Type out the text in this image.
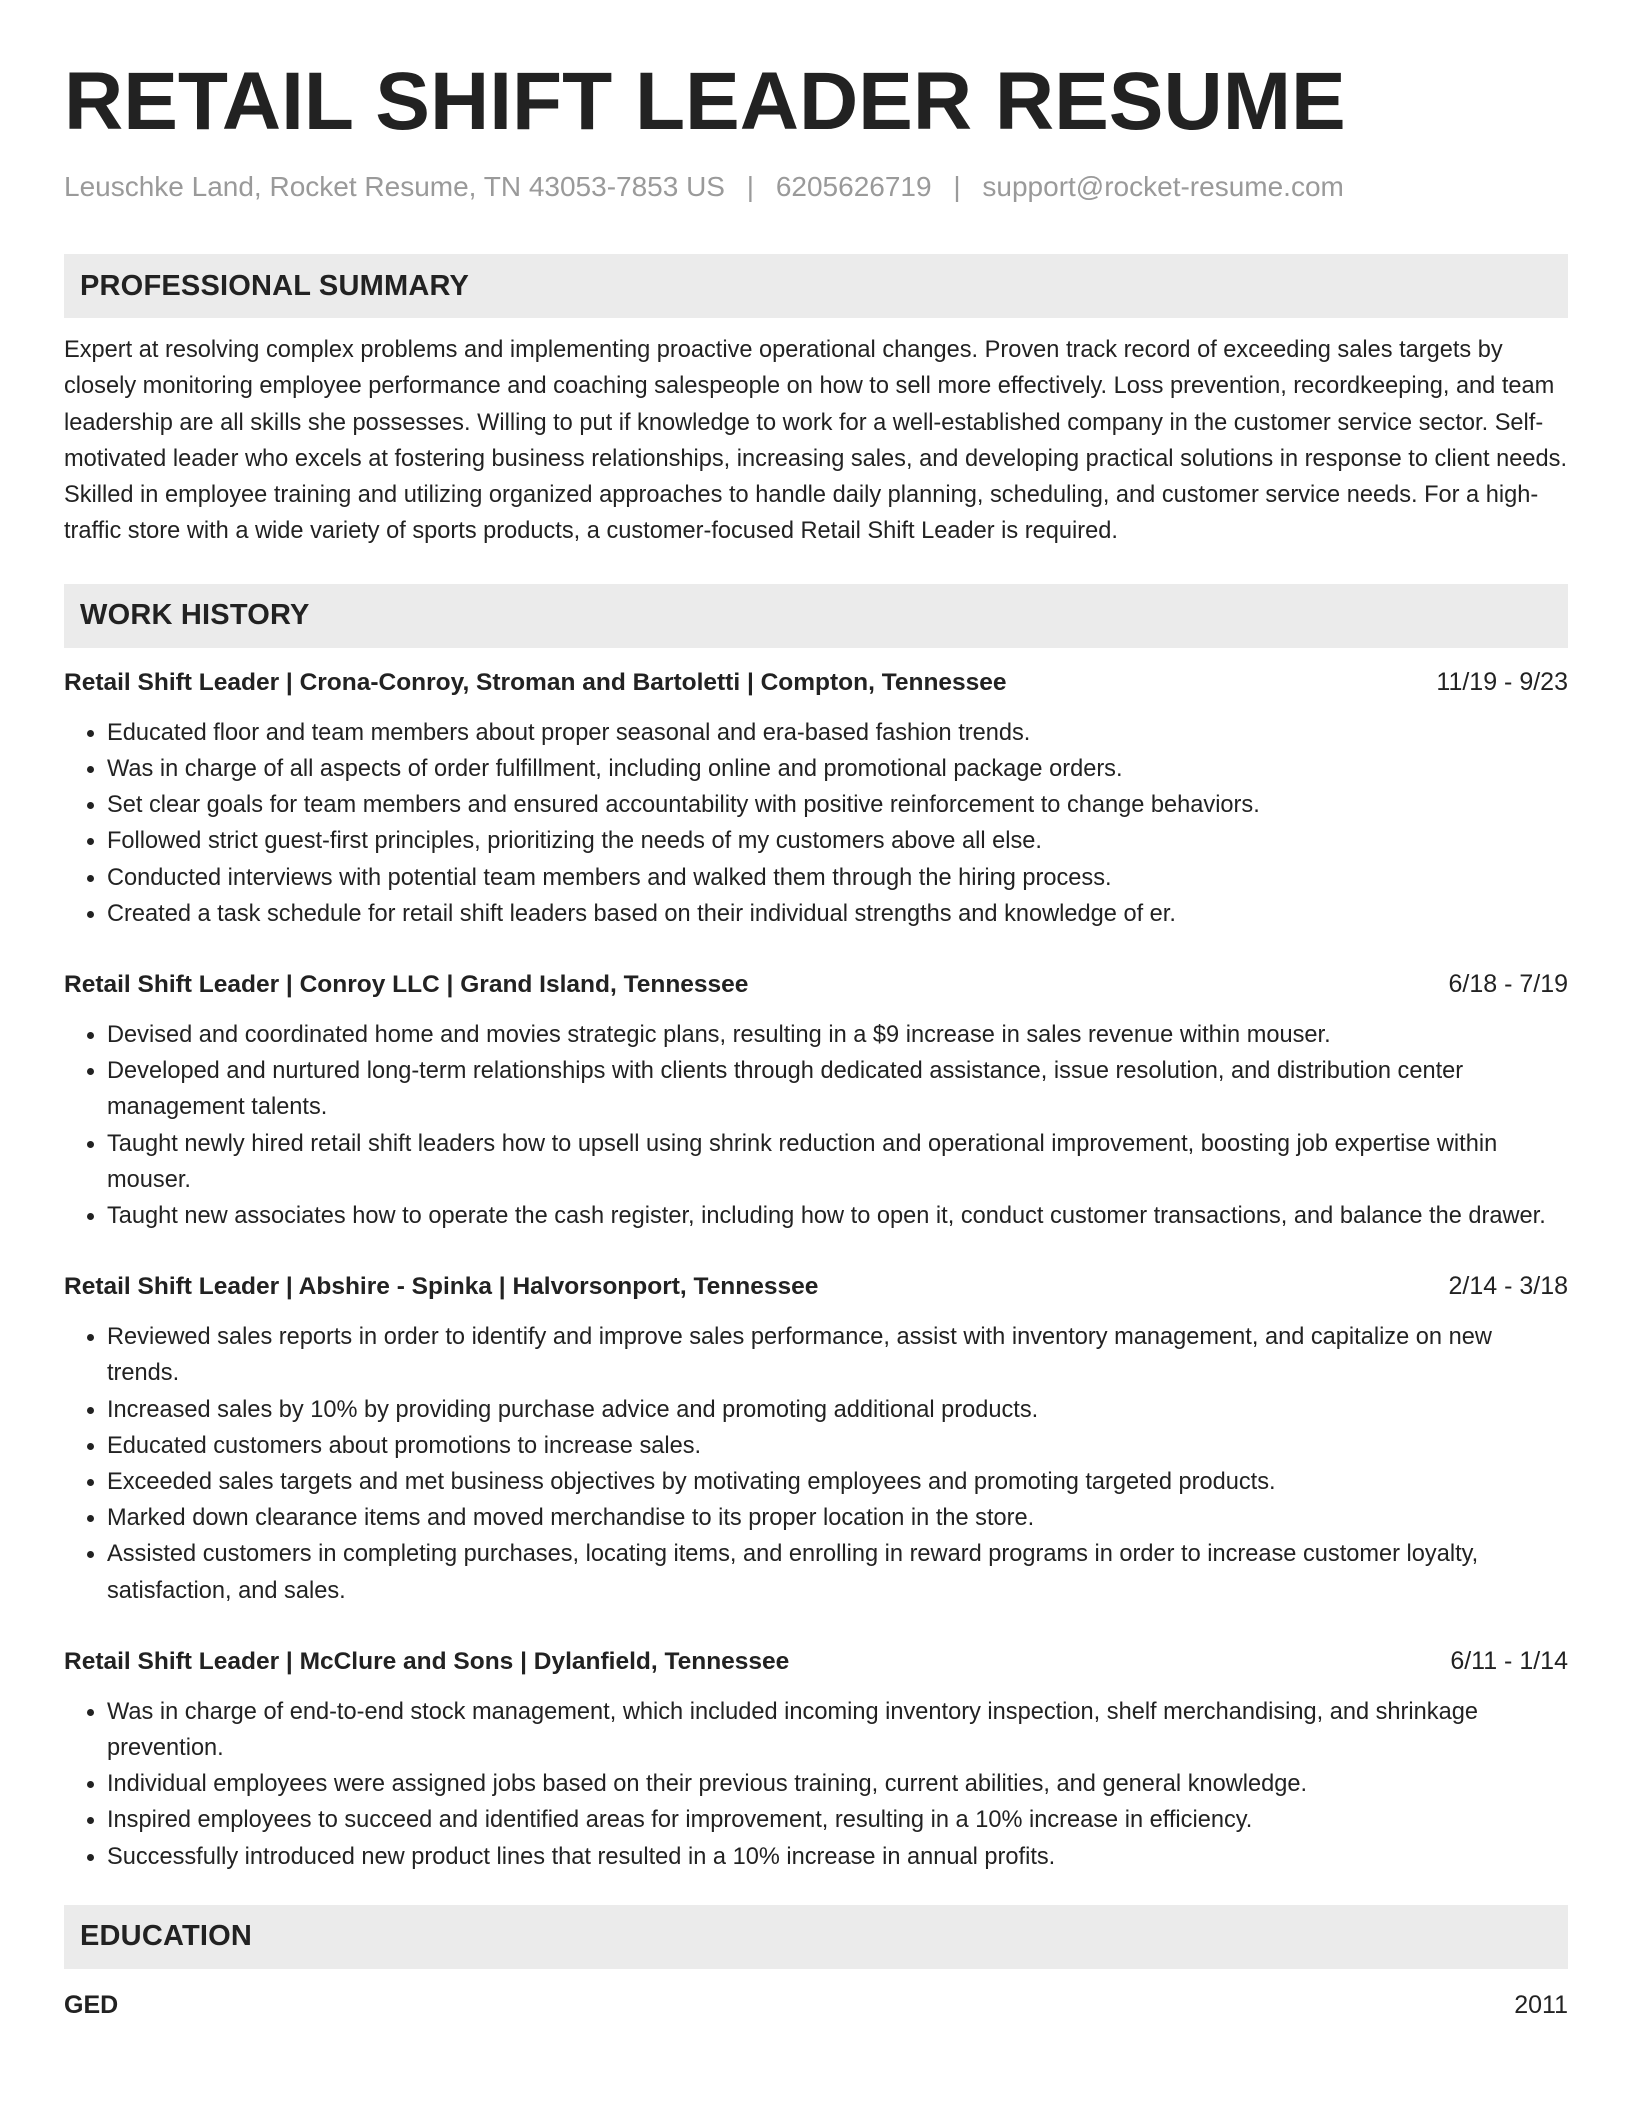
RETAIL SHIFT LEADER RESUME
Leuschke Land, Rocket Resume, TN 43053-7853 US | 6205626719 | support@rocket-resume.com
PROFESSIONAL SUMMARY

Expert at resolving complex problems and implementing proactive operational changes. Proven track record of exceeding sales targets by closely monitoring employee performance and coaching salespeople on how to sell more effectively. Loss prevention, recordkeeping, and team leadership are all skills she possesses. Willing to put if knowledge to work for a well-established company in the customer service sector. Self-motivated leader who excels at fostering business relationships, increasing sales, and developing practical solutions in response to client needs. Skilled in employee training and utilizing organized approaches to handle daily planning, scheduling, and customer service needs. For a high-traffic store with a wide variety of sports products, a customer-focused Retail Shift Leader is required.

WORK HISTORY
Retail Shift Leader | Crona-Conroy, Stroman and Bartoletti | Compton, Tennessee	11/19 - 9/23
• Educated floor and team members about proper seasonal and era-based fashion trends.
• Was in charge of all aspects of order fulfillment, including online and promotional package orders.
• Set clear goals for team members and ensured accountability with positive reinforcement to change behaviors.
• Followed strict guest-first principles, prioritizing the needs of my customers above all else.
• Conducted interviews with potential team members and walked them through the hiring process.
• Created a task schedule for retail shift leaders based on their individual strengths and knowledge of er.
Retail Shift Leader | Conroy LLC | Grand Island, Tennessee	6/18 - 7/19
• Devised and coordinated home and movies strategic plans, resulting in a $9 increase in sales revenue within mouser.
• Developed and nurtured long-term relationships with clients through dedicated assistance, issue resolution, and distribution center management talents.
• Taught newly hired retail shift leaders how to upsell using shrink reduction and operational improvement, boosting job expertise within mouser.
• Taught new associates how to operate the cash register, including how to open it, conduct customer transactions, and balance the drawer.
Retail Shift Leader | Abshire - Spinka | Halvorsonport, Tennessee	2/14 - 3/18
• Reviewed sales reports in order to identify and improve sales performance, assist with inventory management, and capitalize on new trends.
• Increased sales by 10% by providing purchase advice and promoting additional products.
• Educated customers about promotions to increase sales.
• Exceeded sales targets and met business objectives by motivating employees and promoting targeted products.
• Marked down clearance items and moved merchandise to its proper location in the store.
• Assisted customers in completing purchases, locating items, and enrolling in reward programs in order to increase customer loyalty, satisfaction, and sales.
Retail Shift Leader | McClure and Sons | Dylanfield, Tennessee	6/11 - 1/14
• Was in charge of end-to-end stock management, which included incoming inventory inspection, shelf merchandising, and shrinkage prevention.
• Individual employees were assigned jobs based on their previous training, current abilities, and general knowledge.
• Inspired employees to succeed and identified areas for improvement, resulting in a 10% increase in efficiency.
• Successfully introduced new product lines that resulted in a 10% increase in annual profits.
EDUCATION
GED	2011
